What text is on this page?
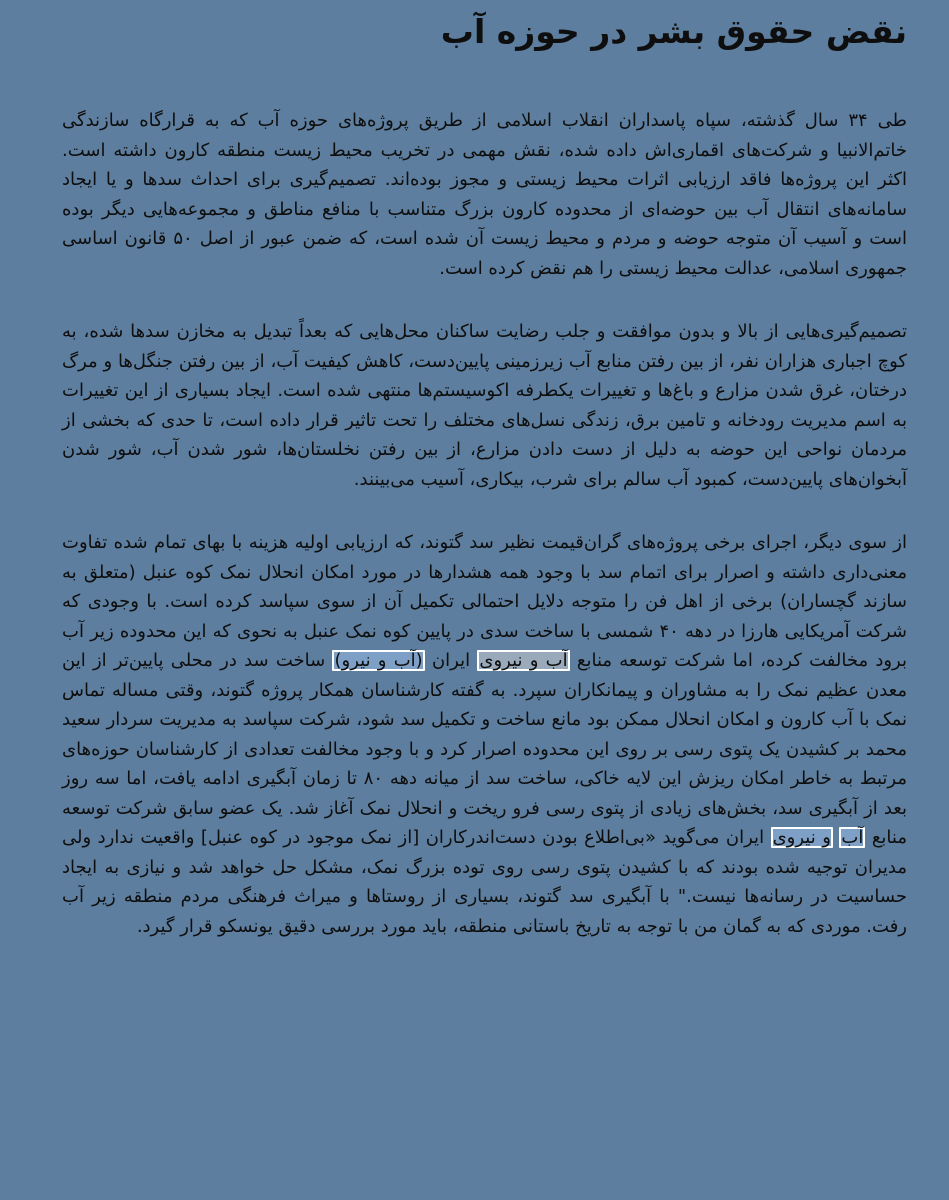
نقض حقوق بشر در حوزه آب

طی ۳۴ سال گذشته، سپاه پاسداران انقلاب اسلامی از طریق پروژه‌های حوزه آب که به قرارگاه سازندگی خاتم‌الانبیا و شرکت‌های اقماری‌اش داده شده، نقش مهمی در تخریب محیط زیست منطقه کارون داشته است. اکثر این پروژه‌ها فاقد ارزیابی اثرات محیط زیستی و مجوز بوده‌اند. تصمیم‌گیری برای احداث سدها و یا ایجاد سامانه‌های انتقال آب بین حوضه‌ای از محدوده کارون بزرگ متناسب با منافع مناطق و مجموعه‌هایی دیگر بوده است و آسیب آن متوجه حوضه و مردم و محیط زیست آن شده است، که ضمن عبور از اصل ۵۰ قانون اساسی جمهوری اسلامی، عدالت محیط زیستی را هم نقض کرده است.

تصمیم‌گیری‌هایی از بالا و بدون موافقت و جلب رضایت ساکنان محل‌هایی که بعداً تبدیل به مخازن سدها شده، به کوچ اجباری هزاران نفر، از بین رفتن منابع آب زیرزمینی پایین‌دست، کاهش کیفیت آب، از بین رفتن جنگل‌ها و مرگ درختان، غرق شدن مزارع و باغ‌ها و تغییرات یکطرفه اکوسیستم‌ها منتهی شده است. ایجاد بسیاری از این تغییرات به اسم مدیریت رودخانه و تامین برق، زندگی نسل‌های مختلف را تحت تاثیر قرار داده است، تا حدی که بخشی از مردمان نواحی این حوضه به دلیل از دست دادن مزارع، از بین رفتن نخلستان‌ها، شور شدن آب، شور شدن آبخوان‌های پایین‌دست، کمبود آب سالم برای شرب، بیکاری، آسیب می‌بینند.

از سوی دیگر، اجرای برخی پروژه‌های گران‌قیمت نظیر سد گتوند، که ارزیابی اولیه هزینه با بهای تمام شده تفاوت معنی‌داری داشته و اصرار برای اتمام سد با وجود همه هشدارها در مورد امکان انحلال نمک کوه عنبل (متعلق به سازند گچساران) برخی از اهل فن را متوجه دلایل احتمالی تکمیل آن از سوی سپاسد کرده است. با وجودی که شرکت آمریکایی هارزا در دهه ۴۰ شمسی با ساخت سدی در پایین کوه نمک عنبل به نحوی که این محدوده زیر آب برود مخالفت کرده، اما شرکت توسعه منابع آب و نیروی ایران (آب و نیرو) ساخت سد در محلی پایین‌تر از این معدن عظیم نمک را به مشاوران و پیمانکاران سپرد. به گفته کارشناسان همکار پروژه گتوند، وقتی مساله تماس نمک با آب کارون و امکان انحلال ممکن بود مانع ساخت و تکمیل سد شود، شرکت سپاسد به مدیریت سردار سعید محمد بر کشیدن یک پتوی رسی بر روی این محدوده اصرار کرد و با وجود مخالفت تعدادی از کارشناسان حوزه‌های مرتبط به خاطر امکان ریزش این لایه خاکی، ساخت سد از میانه دهه ۸۰ تا زمان آبگیری ادامه یافت، اما سه روز بعد از آبگیری سد، بخش‌های زیادی از پتوی رسی فرو ریخت و انحلال نمک آغاز شد. یک عضو سابق شرکت توسعه منابع آب و نیروی ایران می‌گوید «بی‌اطلاع بودن دست‌اندرکاران [از نمک موجود در کوه عنبل] واقعیت ندارد ولی مدیران توجیه شده بودند که با کشیدن پتوی رسی روی توده بزرگ نمک، مشکل حل خواهد شد و نیازی به ایجاد حساسیت در رسانه‌ها نیست." با آبگیری سد گتوند، بسیاری از روستاها و میراث فرهنگی مردم منطقه زیر آب رفت. موردی که به گمان من با توجه به تاریخ باستانی منطقه، باید مورد بررسی دقیق یونسکو قرار گیرد.
